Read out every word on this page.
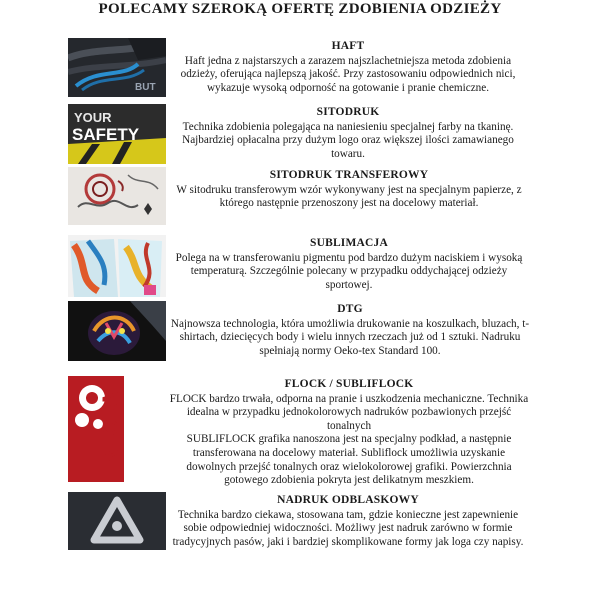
POLECAMY SZEROKĄ OFERTĘ ZDOBIENIA ODZIEŻY
BUT
HAFT

Haft jedna z najstarszych a zarazem najszlachetniejsza metoda zdobienia odzieży, oferująca najlepszą jakość. Przy zastosowaniu odpowiednich nici, wykazuje wysoką odporność na gotowanie i pranie chemiczne.

YOUR
SAFETY
SITODRUK

Technika zdobienia polegająca na naniesieniu specjalnej farby na tkaninę. Najbardziej opłacalna przy dużym logo oraz większej ilości zamawianego towaru.

SITODRUK TRANSFEROWY

W sitodruku transferowym wzór wykonywany jest na specjalnym papierze, z którego następnie przenoszony jest na docelowy materiał.

SUBLIMACJA

Polega na w transferowaniu pigmentu pod bardzo dużym naciskiem i wysoką temperaturą. Szczególnie polecany w przypadku oddychającej odzieży sportowej.

DTG

Najnowsza technologia, która umożliwia drukowanie na koszulkach, bluzach, t-shirtach, dziecięcych body i wielu innych rzeczach już od 1 sztuki. Nadruku spełniają normy Oeko-tex Standard 100.

ERFORM
FLOCK / SUBLIFLOCK

FLOCK bardzo trwała, odporna na pranie i uszkodzenia mechaniczne. Technika idealna w przypadku jednokolorowych nadruków pozbawionych przejść tonalnych

SUBLIFLOCK grafika nanoszona jest na specjalny podkład, a następnie transferowana na docelowy materiał. Subliflock umożliwia uzyskanie dowolnych przejść tonalnych oraz wielokolorowej grafiki. Powierzchnia gotowego zdobienia pokryta jest delikatnym meszkiem.

NADRUK ODBLASKOWY

Technika bardzo ciekawa, stosowana tam, gdzie konieczne jest zapewnienie sobie odpowiedniej widoczności. Możliwy jest nadruk zarówno w formie tradycyjnych pasów, jaki i bardziej skomplikowane formy jak loga czy napisy.
